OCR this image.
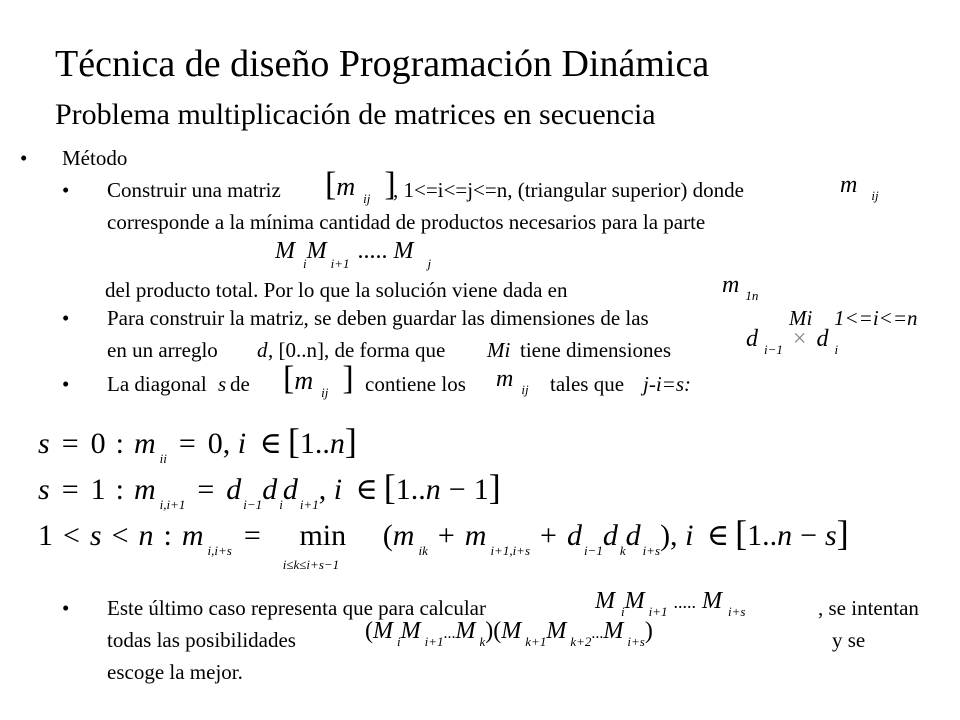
Técnica de diseño Programación Dinámica
Problema multiplicación de matrices en secuencia
• Método
• Construir una matriz [m $_{ij}$ ]
, 1<=i<=j<=n, (triangular superior) donde	m $_{ij}$
corresponde a la mínima cantidad de productos necesarios para la parte
M $_i$M $_{i+1}$ ..... M $_j$
del producto total. Por lo que la solución viene dada en	m $_{1n}$
• Para construir la matriz, se deben guardar las dimensiones de las	Mi 1<=i<=n
en un arreglo d , [0..n], de forma que Mi tiene dimensiones	d $_{i-1}$ × d $_i$
• La diagonal s de [m $_{ij}$ ] contiene los m $_{ij}$ tales que j-i=s:
s = 0 : m $_{ii}$ = 0, i ∈ [1..n]
s = 1 : m $_{i,i+1}$ = d $_{i-1}$d $_i$d $_{i+1}$, i ∈ [1..n − 1]
1 < s < n : m $_{i,i+s}$ = min
i≤k≤i+s−1
(m $_{ik}$ + m $_{i+1,i+s}$ + d $_{i-1}$d $_k$d $_{i+s}$), i ∈ [1..n − s]
• Este último caso representa que para calcular	M $_i$M $_{i+1}$ ..... M $_{i+s}$	, se intentan
todas las posibilidades	(M $_i$M $_{i+1}$...M $_k$)(M $_{k+1}$M $_{k+2}$...M $_{i+s}$)	y se
escoge la mejor.
